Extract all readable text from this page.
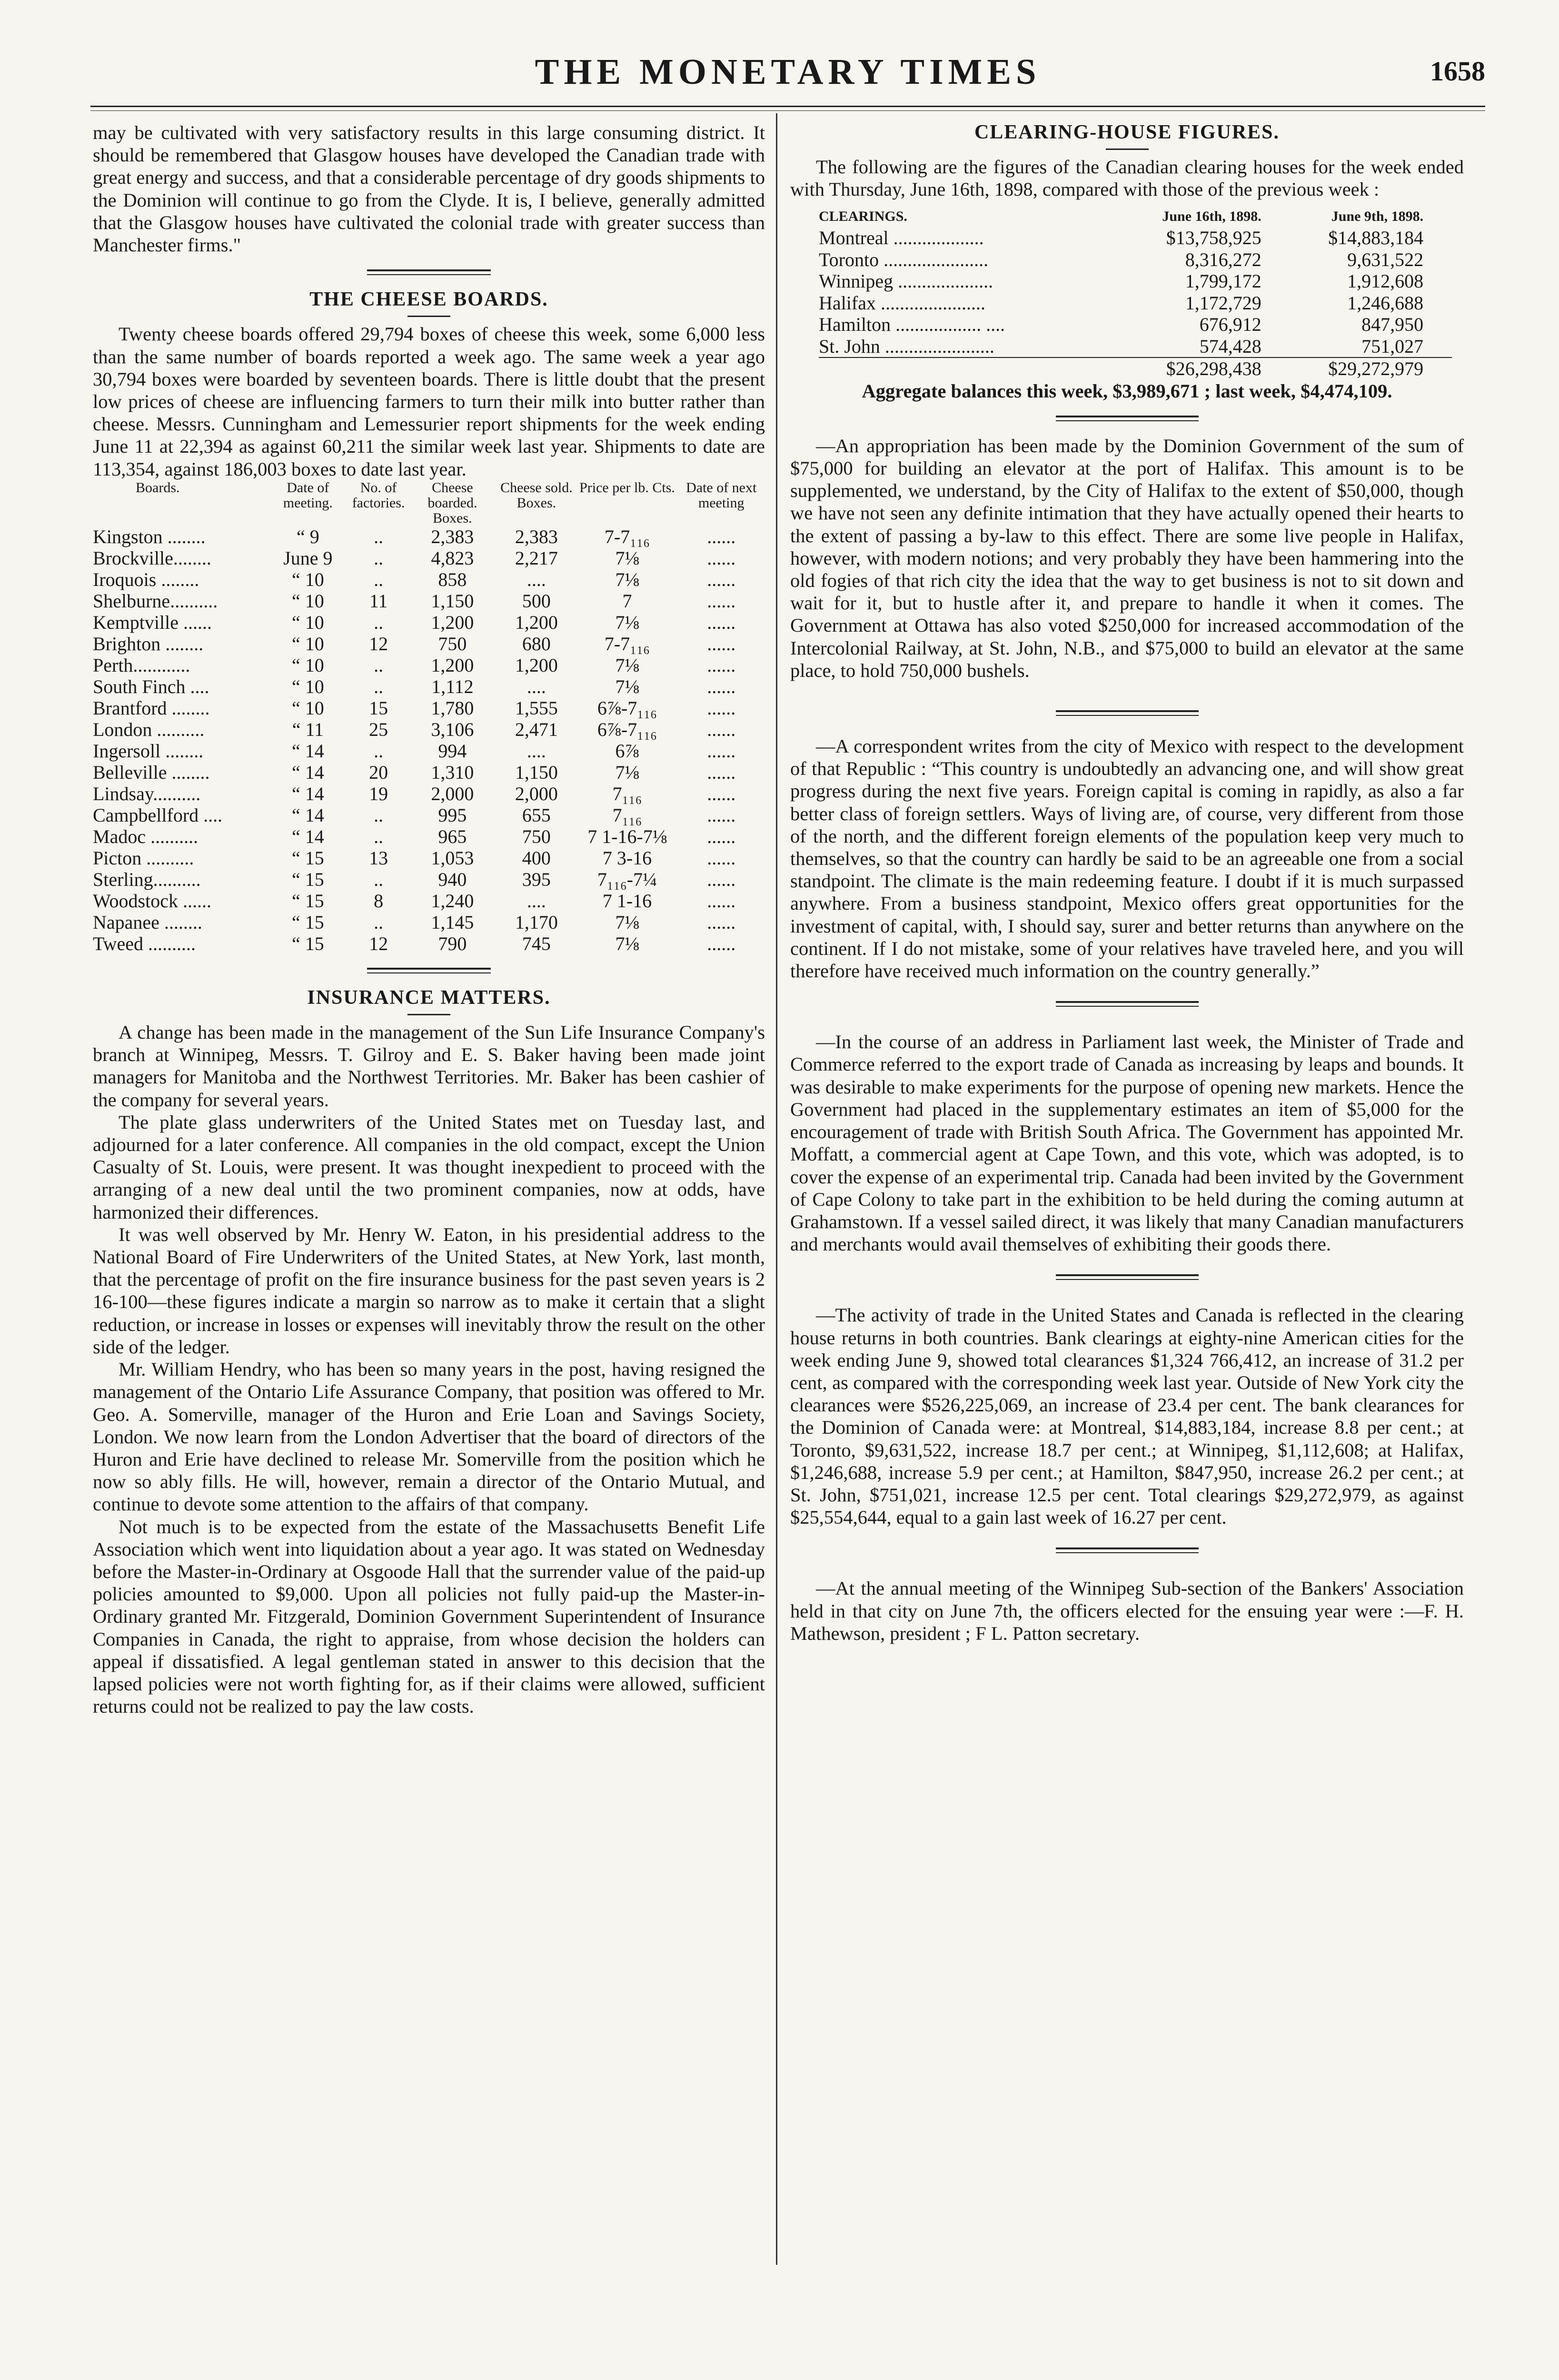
THE MONETARY TIMES	1658

may be cultivated with very satisfactory results in this large consuming district. It should be remembered that Glasgow houses have developed the Canadian trade with great energy and success, and that a considerable percentage of dry goods shipments to the Dominion will continue to go from the Clyde. It is, I believe, generally admitted that the Glasgow houses have cultivated the colonial trade with greater success than Manchester firms."

THE CHEESE BOARDS.

Twenty cheese boards offered 29,794 boxes of cheese this week, some 6,000 less than the same number of boards reported a week ago. The same week a year ago 30,794 boxes were boarded by seventeen boards. There is little doubt that the present low prices of cheese are influencing farmers to turn their milk into butter rather than cheese. Messrs. Cunningham and Lemessurier report shipments for the week ending June 11 at 22,394 as against 60,211 the similar week last year. Shipments to date are 113,354, against 186,003 boxes to date last year.

Boards.	Date of meeting.	No. of factories.	Cheese boarded. Boxes.	Cheese sold. Boxes.	Price per lb. Cts.	Date of next meeting
Kingston ........	“ 9	..	2,383	2,383	7-7₁₁₆	......
Brockville........	June 9	..	4,823	2,217	7⅛	......
Iroquois ........	“ 10	..	858	....	7⅛	......
Shelburne..........	“ 10	11	1,150	500	7	......
Kemptville ......	“ 10	..	1,200	1,200	7⅛	......
Brighton ........	“ 10	12	750	680	7-7₁₁₆	......
Perth............	“ 10	..	1,200	1,200	7⅛	......
South Finch ....	“ 10	..	1,112	....	7⅛	......
Brantford ........	“ 10	15	1,780	1,555	6⅞-7₁₁₆	......
London ..........	“ 11	25	3,106	2,471	6⅞-7₁₁₆	......
Ingersoll ........	“ 14	..	994	....	6⅞	......
Belleville ........	“ 14	20	1,310	1,150	7⅛	......
Lindsay..........	“ 14	19	2,000	2,000	7₁₁₆	......
Campbellford ....	“ 14	..	995	655	7₁₁₆	......
Madoc ..........	“ 14	..	965	750	7 1-16-7⅛	......
Picton ..........	“ 15	13	1,053	400	7 3-16	......
Sterling..........	“ 15	..	940	395	7₁₁₆-7¼	......
Woodstock ......	“ 15	8	1,240	....	7 1-16	......
Napanee ........	“ 15	..	1,145	1,170	7⅛	......
Tweed ..........	“ 15	12	790	745	7⅛	......
INSURANCE MATTERS.

A change has been made in the management of the Sun Life Insurance Company's branch at Winnipeg, Messrs. T. Gilroy and E. S. Baker having been made joint managers for Manitoba and the Northwest Territories. Mr. Baker has been cashier of the company for several years.

The plate glass underwriters of the United States met on Tuesday last, and adjourned for a later conference. All companies in the old compact, except the Union Casualty of St. Louis, were present. It was thought inexpedient to proceed with the arranging of a new deal until the two prominent companies, now at odds, have harmonized their differences.

It was well observed by Mr. Henry W. Eaton, in his presidential address to the National Board of Fire Underwriters of the United States, at New York, last month, that the percentage of profit on the fire insurance business for the past seven years is 2 16-100—these figures indicate a margin so narrow as to make it certain that a slight reduction, or increase in losses or expenses will inevitably throw the result on the other side of the ledger.

Mr. William Hendry, who has been so many years in the post, having resigned the management of the Ontario Life Assurance Company, that position was offered to Mr. Geo. A. Somerville, manager of the Huron and Erie Loan and Savings Society, London. We now learn from the London Advertiser that the board of directors of the Huron and Erie have declined to release Mr. Somerville from the position which he now so ably fills. He will, however, remain a director of the Ontario Mutual, and continue to devote some attention to the affairs of that company.

Not much is to be expected from the estate of the Massachusetts Benefit Life Association which went into liquidation about a year ago. It was stated on Wednesday before the Master-in-Ordinary at Osgoode Hall that the surrender value of the paid-up policies amounted to $9,000. Upon all policies not fully paid-up the Master-in-Ordinary granted Mr. Fitzgerald, Dominion Government Superintendent of Insurance Companies in Canada, the right to appraise, from whose decision the holders can appeal if dissatisfied. A legal gentleman stated in answer to this decision that the lapsed policies were not worth fighting for, as if their claims were allowed, sufficient returns could not be realized to pay the law costs.

CLEARING-HOUSE FIGURES.

The following are the figures of the Canadian clearing houses for the week ended with Thursday, June 16th, 1898, compared with those of the previous week :

CLEARINGS.	June 16th, 1898.	June 9th, 1898.
Montreal ...................	$13,758,925	$14,883,184
Toronto ......................	8,316,272	9,631,522
Winnipeg ....................	1,799,172	1,912,608
Halifax ......................	1,172,729	1,246,688
Hamilton .................. ....	676,912	847,950
St. John .......................	574,428	751,027
	$26,298,438	$29,272,979

Aggregate balances this week, $3,989,671 ; last week, $4,474,109.

—An appropriation has been made by the Dominion Government of the sum of $75,000 for building an elevator at the port of Halifax. This amount is to be supplemented, we understand, by the City of Halifax to the extent of $50,000, though we have not seen any definite intimation that they have actually opened their hearts to the extent of passing a by-law to this effect. There are some live people in Halifax, however, with modern notions; and very probably they have been hammering into the old fogies of that rich city the idea that the way to get business is not to sit down and wait for it, but to hustle after it, and prepare to handle it when it comes. The Government at Ottawa has also voted $250,000 for increased accommodation of the Intercolonial Railway, at St. John, N.B., and $75,000 to build an elevator at the same place, to hold 750,000 bushels.

—A correspondent writes from the city of Mexico with respect to the development of that Republic : “This country is undoubtedly an advancing one, and will show great progress during the next five years. Foreign capital is coming in rapidly, as also a far better class of foreign settlers. Ways of living are, of course, very different from those of the north, and the different foreign elements of the population keep very much to themselves, so that the country can hardly be said to be an agreeable one from a social standpoint. The climate is the main redeeming feature. I doubt if it is much surpassed anywhere. From a business standpoint, Mexico offers great opportunities for the investment of capital, with, I should say, surer and better returns than anywhere on the continent. If I do not mistake, some of your relatives have traveled here, and you will therefore have received much information on the country generally.”

—In the course of an address in Parliament last week, the Minister of Trade and Commerce referred to the export trade of Canada as increasing by leaps and bounds. It was desirable to make experiments for the purpose of opening new markets. Hence the Government had placed in the supplementary estimates an item of $5,000 for the encouragement of trade with British South Africa. The Government has appointed Mr. Moffatt, a commercial agent at Cape Town, and this vote, which was adopted, is to cover the expense of an experimental trip. Canada had been invited by the Government of Cape Colony to take part in the exhibition to be held during the coming autumn at Grahamstown. If a vessel sailed direct, it was likely that many Canadian manufacturers and merchants would avail themselves of exhibiting their goods there.

—The activity of trade in the United States and Canada is reflected in the clearing house returns in both countries. Bank clearings at eighty-nine American cities for the week ending June 9, showed total clearances $1,324 766,412, an increase of 31.2 per cent, as compared with the corresponding week last year. Outside of New York city the clearances were $526,225,069, an increase of 23.4 per cent. The bank clearances for the Dominion of Canada were: at Montreal, $14,883,184, increase 8.8 per cent.; at Toronto, $9,631,522, increase 18.7 per cent.; at Winnipeg, $1,112,608; at Halifax, $1,246,688, increase 5.9 per cent.; at Hamilton, $847,950, increase 26.2 per cent.; at St. John, $751,021, increase 12.5 per cent. Total clearings $29,272,979, as against $25,554,644, equal to a gain last week of 16.27 per cent.

—At the annual meeting of the Winnipeg Sub-section of the Bankers' Association held in that city on June 7th, the officers elected for the ensuing year were :—F. H. Mathewson, president ; F L. Patton secretary.
